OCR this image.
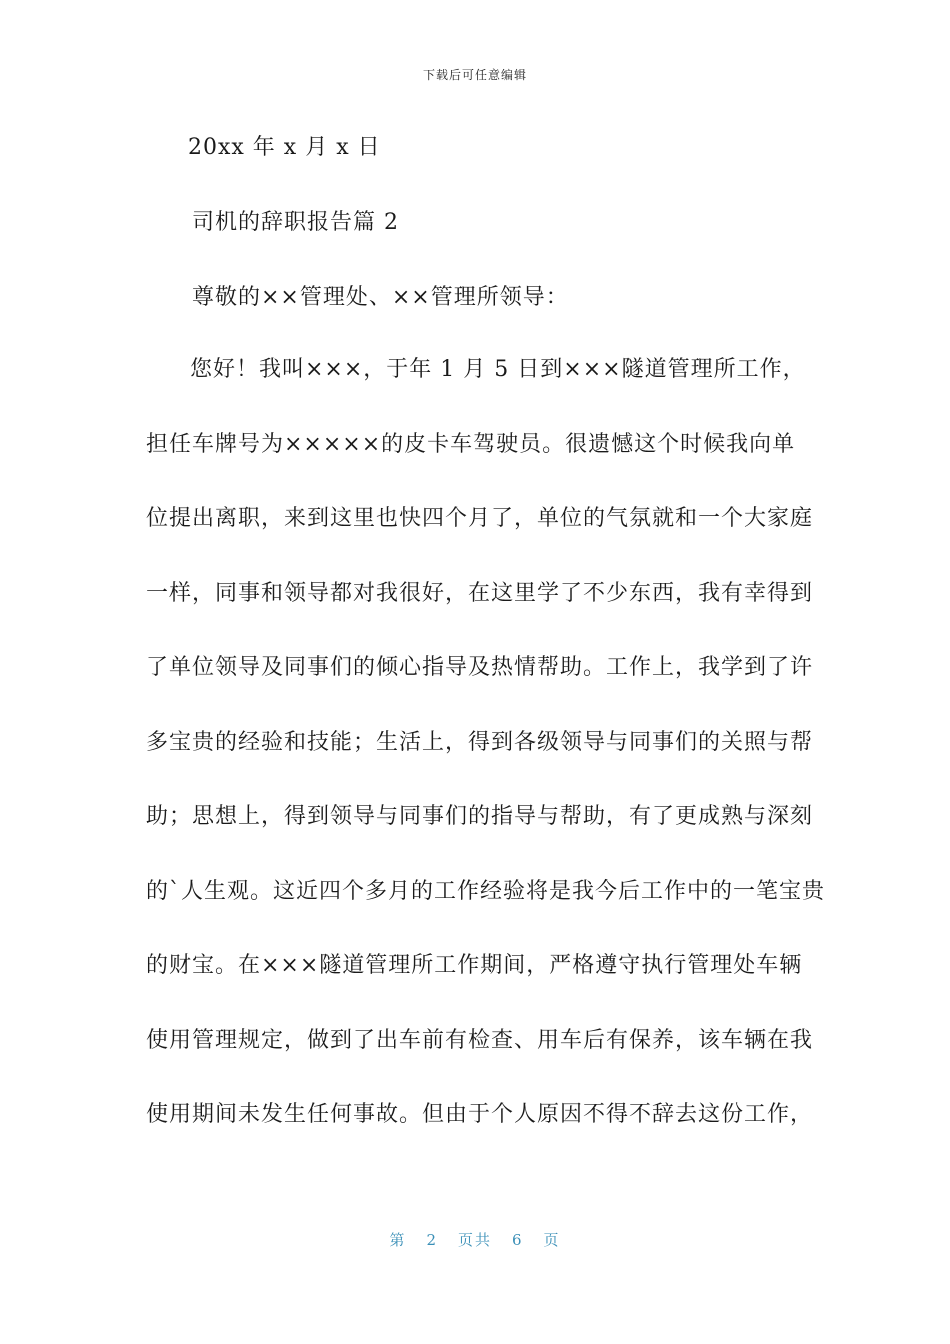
下载后可任意编辑
20xx 年 x 月 x 日
司机的辞职报告篇 2
尊敬的××管理处、××管理所领导：
您好！我叫×××，于年 1 月 5 日到×××隧道管理所工作，
担任车牌号为×××××的皮卡车驾驶员。很遗憾这个时候我向单
位提出离职，来到这里也快四个月了，单位的气氛就和一个大家庭
一样，同事和领导都对我很好，在这里学了不少东西，我有幸得到
了单位领导及同事们的倾心指导及热情帮助。工作上，我学到了许
多宝贵的经验和技能；生活上，得到各级领导与同事们的关照与帮
助；思想上，得到领导与同事们的指导与帮助，有了更成熟与深刻
的`人生观。这近四个多月的工作经验将是我今后工作中的一笔宝贵
的财宝。在×××隧道管理所工作期间，严格遵守执行管理处车辆
使用管理规定，做到了出车前有检查、用车后有保养，该车辆在我
使用期间未发生任何事故。但由于个人原因不得不辞去这份工作，
第 2 页共 6 页
